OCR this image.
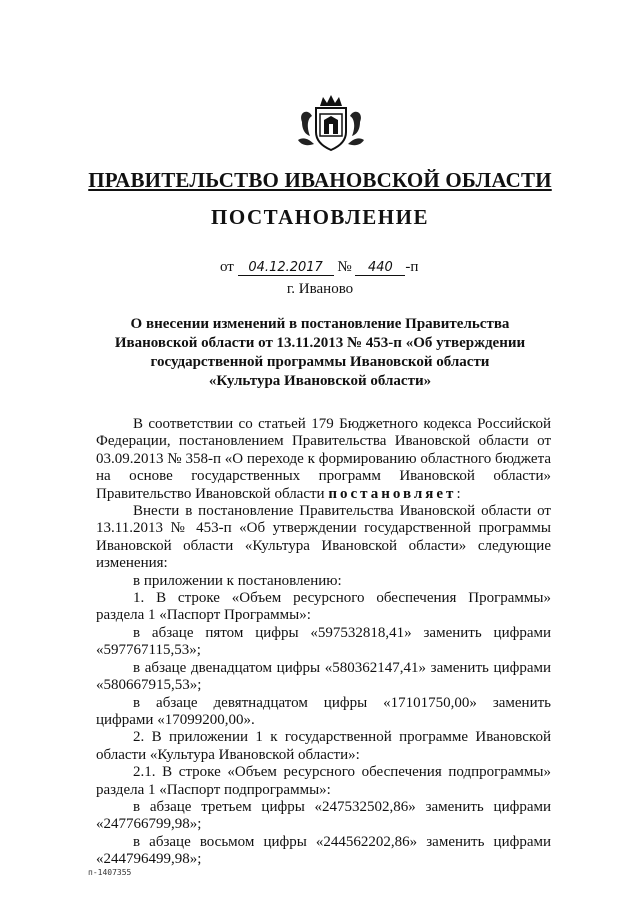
ПРАВИТЕЛЬСТВО ИВАНОВСКОЙ ОБЛАСТИ
ПОСТАНОВЛЕНИЕ
от 04.12.2017 № 440 -п
г. Иваново
О внесении изменений в постановление Правительства
Ивановской области от 13.11.2013 № 453-п «Об утверждении
государственной программы Ивановской области
«Культура Ивановской области»

В соответствии со статьей 179 Бюджетного кодекса Российской Федерации, постановлением Правительства Ивановской области от 03.09.2013 № 358-п «О переходе к формированию областного бюджета на основе государственных программ Ивановской области» Правительство Ивановской области постановляет:

Внести в постановление Правительства Ивановской области от 13.11.2013 № 453-п «Об утверждении государственной программы Ивановской области «Культура Ивановской области» следующие изменения:

в приложении к постановлению:

1. В строке «Объем ресурсного обеспечения Программы» раздела 1 «Паспорт Программы»:

в абзаце пятом цифры «597532818,41» заменить цифрами «597767115,53»;

в абзаце двенадцатом цифры «580362147,41» заменить цифрами «580667915,53»;

в абзаце девятнадцатом цифры «17101750,00» заменить цифрами «17099200,00».

2. В приложении 1 к государственной программе Ивановской области «Культура Ивановской области»:

2.1. В строке «Объем ресурсного обеспечения подпрограммы» раздела 1 «Паспорт подпрограммы»:

в абзаце третьем цифры «247532502,86» заменить цифрами «247766799,98»;

в абзаце восьмом цифры «244562202,86» заменить цифрами «244796499,98»;

п-1407355
